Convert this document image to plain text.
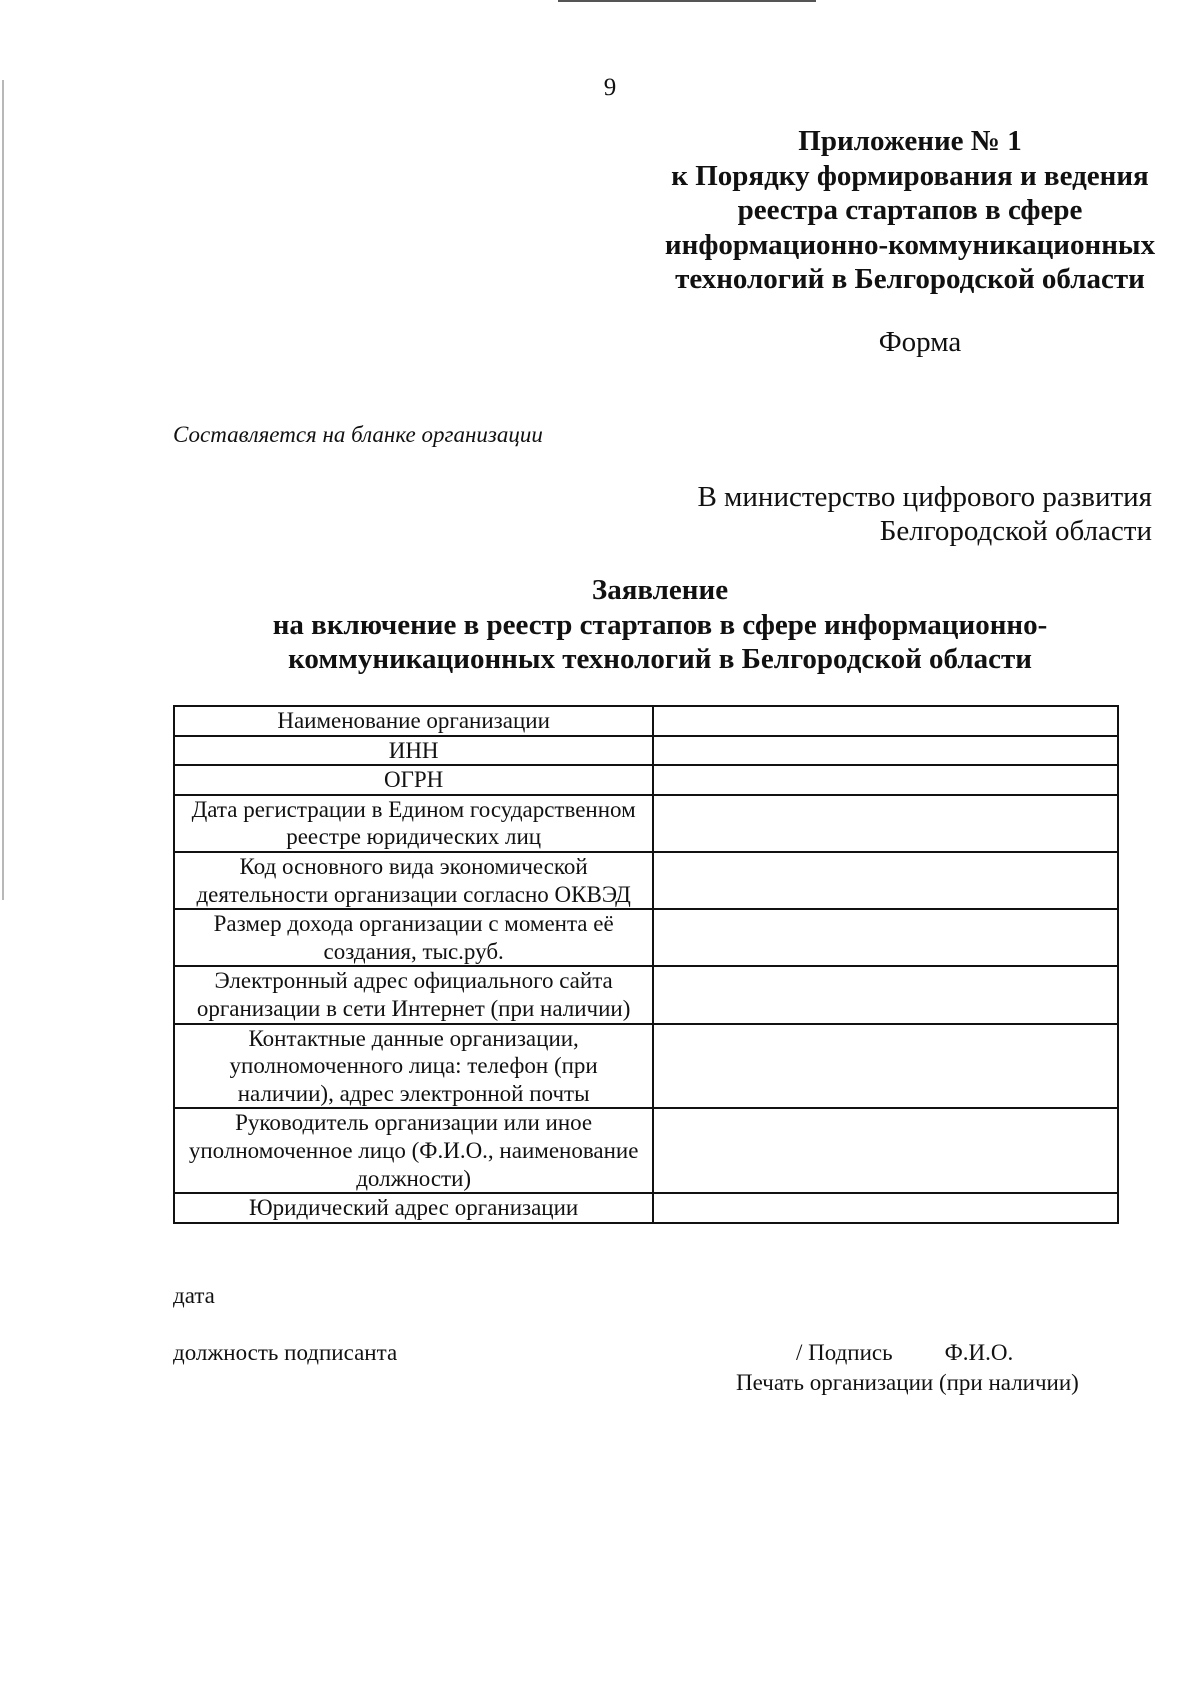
9
Приложение № 1
к Порядку формирования и ведения
реестра стартапов в сфере
информационно-коммуникационных
технологий в Белгородской области
Форма
Составляется на бланке организации
В министерство цифрового развития
Белгородской области
Заявление
на включение в реестр стартапов в сфере информационно-
коммуникационных технологий в Белгородской области
Наименование организации	
ИНН	
ОГРН	
Дата регистрации в Едином государственном реестре юридических лиц	
Код основного вида экономической деятельности организации согласно ОКВЭД	
Размер дохода организации с момента её создания, тыс.руб.	
Электронный адрес официального сайта организации в сети Интернет (при наличии)	
Контактные данные организации, уполномоченного лица: телефон (при наличии), адрес электронной почты	
Руководитель организации или иное уполномоченное лицо (Ф.И.О., наименование должности)	
Юридический адрес организации	
дата
должность подписанта	/ Подпись Ф.И.О.
Печать организации (при наличии)
